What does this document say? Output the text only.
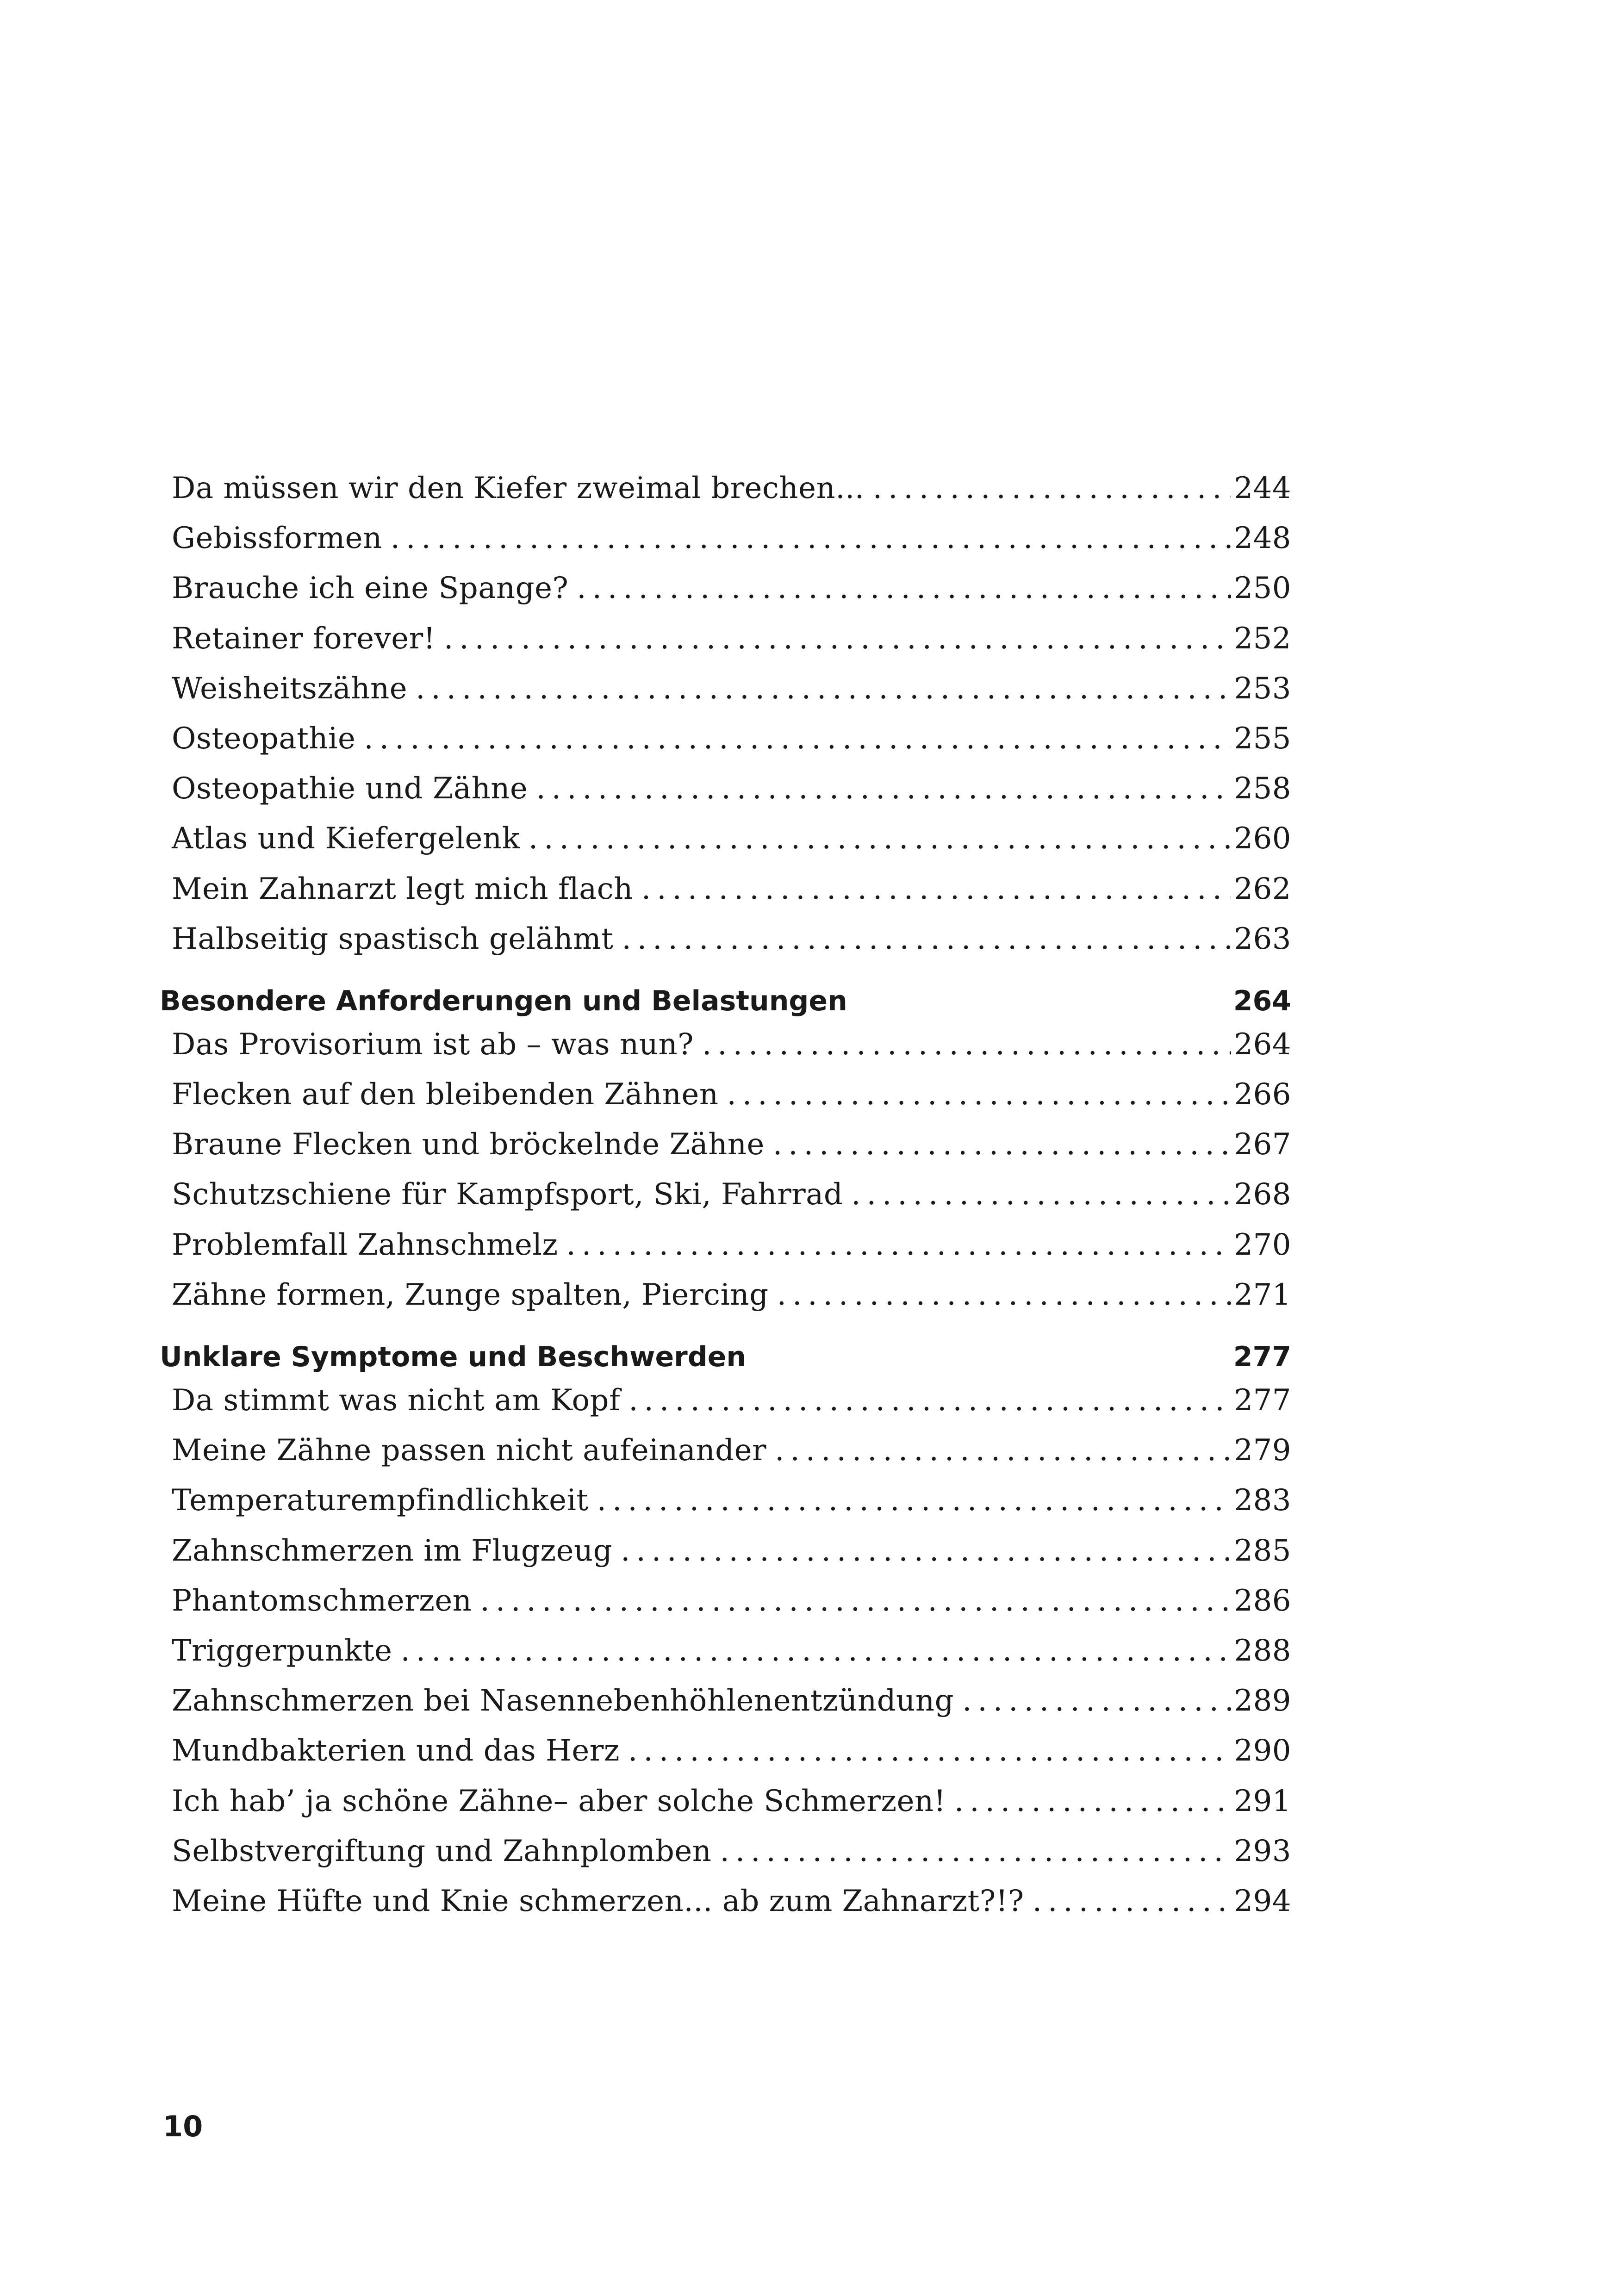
Da müssen wir den Kiefer zweimal brechen... .....	244
Gebissformen .....	248
Brauche ich eine Spange? .....	250
Retainer forever! .....	252
Weisheitszähne .....	253
Osteopathie .....	255
Osteopathie und Zähne .....	258
Atlas und Kiefergelenk .....	260
Mein Zahnarzt legt mich flach .....	262
Halbseitig spastisch gelähmt .....	263
Besondere Anforderungen und Belastungen	264
Das Provisorium ist ab – was nun? .....	264
Flecken auf den bleibenden Zähnen .....	266
Braune Flecken und bröckelnde Zähne .....	267
Schutzschiene für Kampfsport, Ski, Fahrrad .....	268
Problemfall Zahnschmelz .....	270
Zähne formen, Zunge spalten, Piercing .....	271
Unklare Symptome und Beschwerden	277
Da stimmt was nicht am Kopf .....	277
Meine Zähne passen nicht aufeinander .....	279
Temperaturempfindlichkeit .....	283
Zahnschmerzen im Flugzeug .....	285
Phantomschmerzen .....	286
Triggerpunkte .....	288
Zahnschmerzen bei Nasennebenhöhlenentzündung .....	289
Mundbakterien und das Herz .....	290
Ich hab’ ja schöne Zähne– aber solche Schmerzen! .....	291
Selbstvergiftung und Zahnplomben .....	293
Meine Hüfte und Knie schmerzen... ab zum Zahnarzt?!? .....	294
10
